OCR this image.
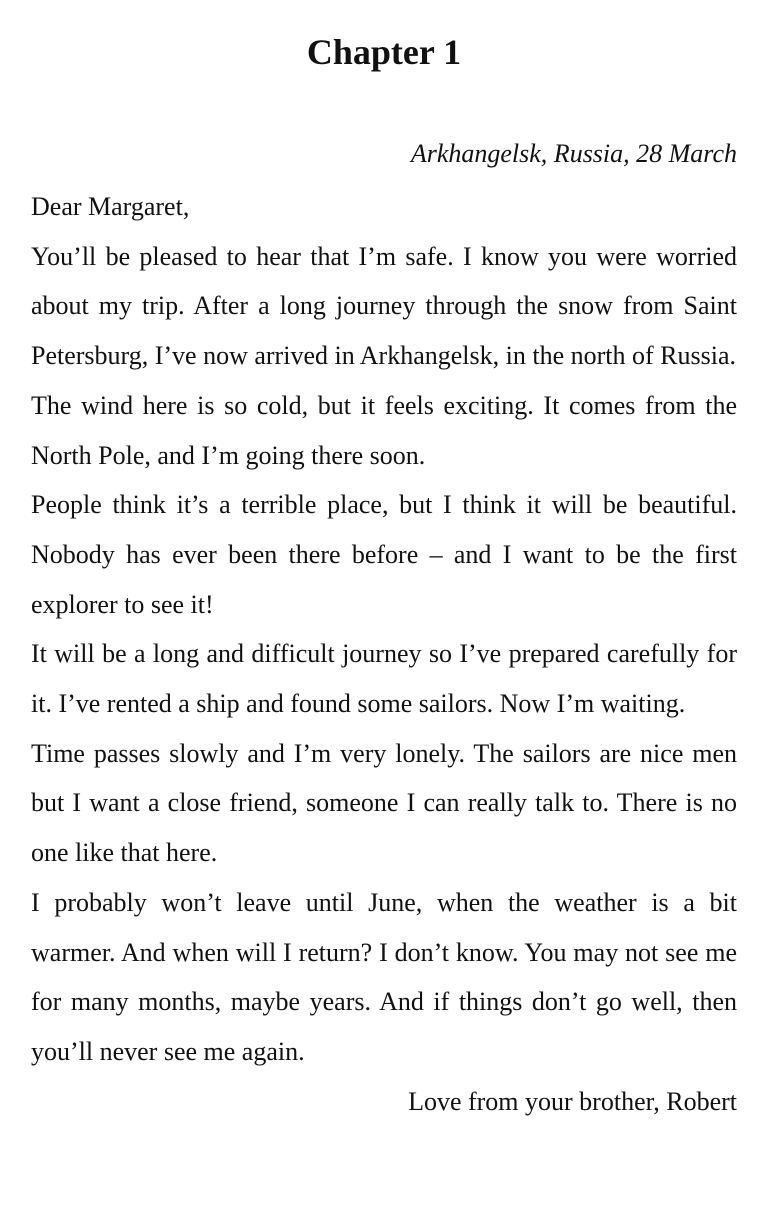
Chapter 1

Arkhangelsk, Russia, 28 March

Dear Margaret,

You’ll be pleased to hear that I’m safe. I know you were worried about my trip. After a long journey through the snow from Saint Petersburg, I’ve now arrived in Arkhangelsk, in the north of Russia.

The wind here is so cold, but it feels exciting. It comes from the North Pole, and I’m going there soon.

People think it’s a terrible place, but I think it will be beautiful. Nobody has ever been there before – and I want to be the first explorer to see it!

It will be a long and difficult journey so I’ve prepared carefully for it. I’ve rented a ship and found some sailors. Now I’m waiting.

Time passes slowly and I’m very lonely. The sailors are nice men but I want a close friend, someone I can really talk to. There is no one like that here.

I probably won’t leave until June, when the weather is a bit warmer. And when will I return? I don’t know. You may not see me for many months, maybe years. And if things don’t go well, then you’ll never see me again.

Love from your brother, Robert
